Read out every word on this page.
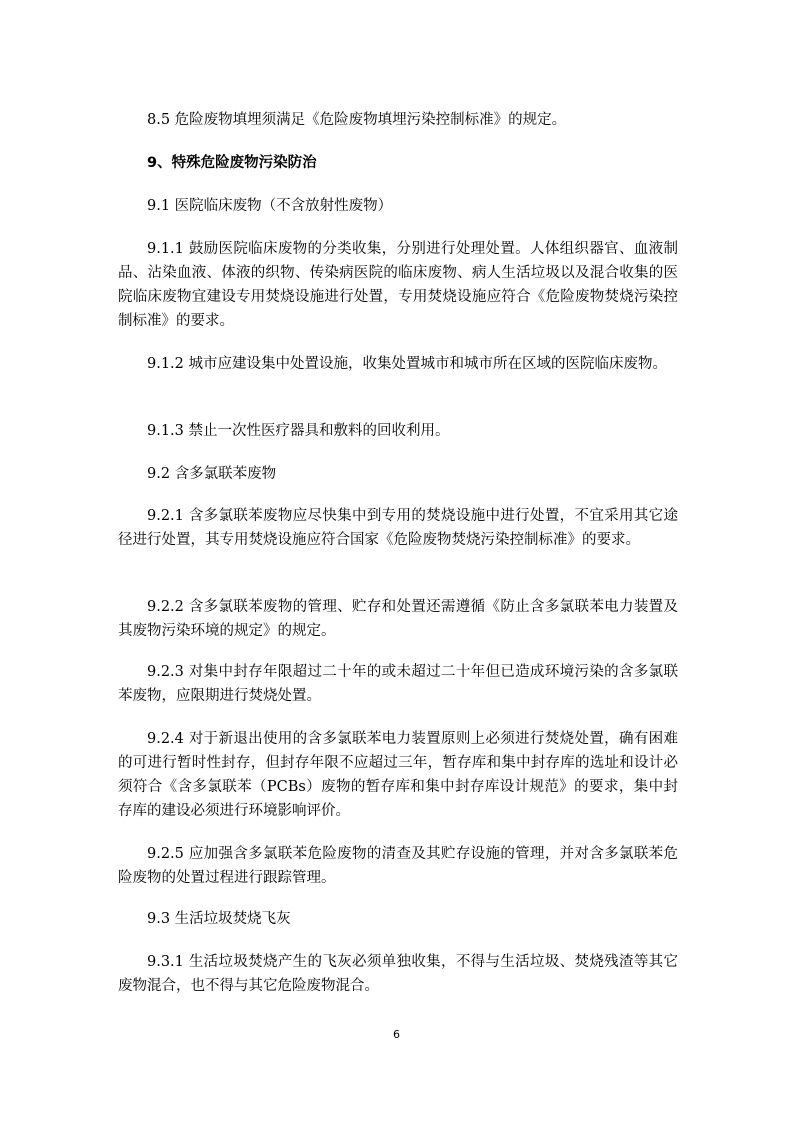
8.5 危险废物填埋须满足《危险废物填埋污染控制标准》的规定。

9、特殊危险废物污染防治

9.1 医院临床废物（不含放射性废物）

9.1.1 鼓励医院临床废物的分类收集，分别进行处理处置。人体组织器官、血液制品、沾染血液、体液的织物、传染病医院的临床废物、病人生活垃圾以及混合收集的医院临床废物宜建设专用焚烧设施进行处置，专用焚烧设施应符合《危险废物焚烧污染控制标准》的要求。

9.1.2 城市应建设集中处置设施，收集处置城市和城市所在区域的医院临床废物。

9.1.3 禁止一次性医疗器具和敷料的回收利用。

9.2 含多氯联苯废物

9.2.1 含多氯联苯废物应尽快集中到专用的焚烧设施中进行处置，不宜采用其它途径进行处置，其专用焚烧设施应符合国家《危险废物焚烧污染控制标准》的要求。

9.2.2 含多氯联苯废物的管理、贮存和处置还需遵循《防止含多氯联苯电力装置及其废物污染环境的规定》的规定。

9.2.3 对集中封存年限超过二十年的或未超过二十年但已造成环境污染的含多氯联苯废物，应限期进行焚烧处置。

9.2.4 对于新退出使用的含多氯联苯电力装置原则上必须进行焚烧处置，确有困难的可进行暂时性封存，但封存年限不应超过三年，暂存库和集中封存库的选址和设计必须符合《含多氯联苯（PCBs）废物的暂存库和集中封存库设计规范》的要求，集中封存库的建设必须进行环境影响评价。

9.2.5 应加强含多氯联苯危险废物的清查及其贮存设施的管理，并对含多氯联苯危险废物的处置过程进行跟踪管理。

9.3 生活垃圾焚烧飞灰

9.3.1 生活垃圾焚烧产生的飞灰必须单独收集，不得与生活垃圾、焚烧残渣等其它废物混合，也不得与其它危险废物混合。

6
